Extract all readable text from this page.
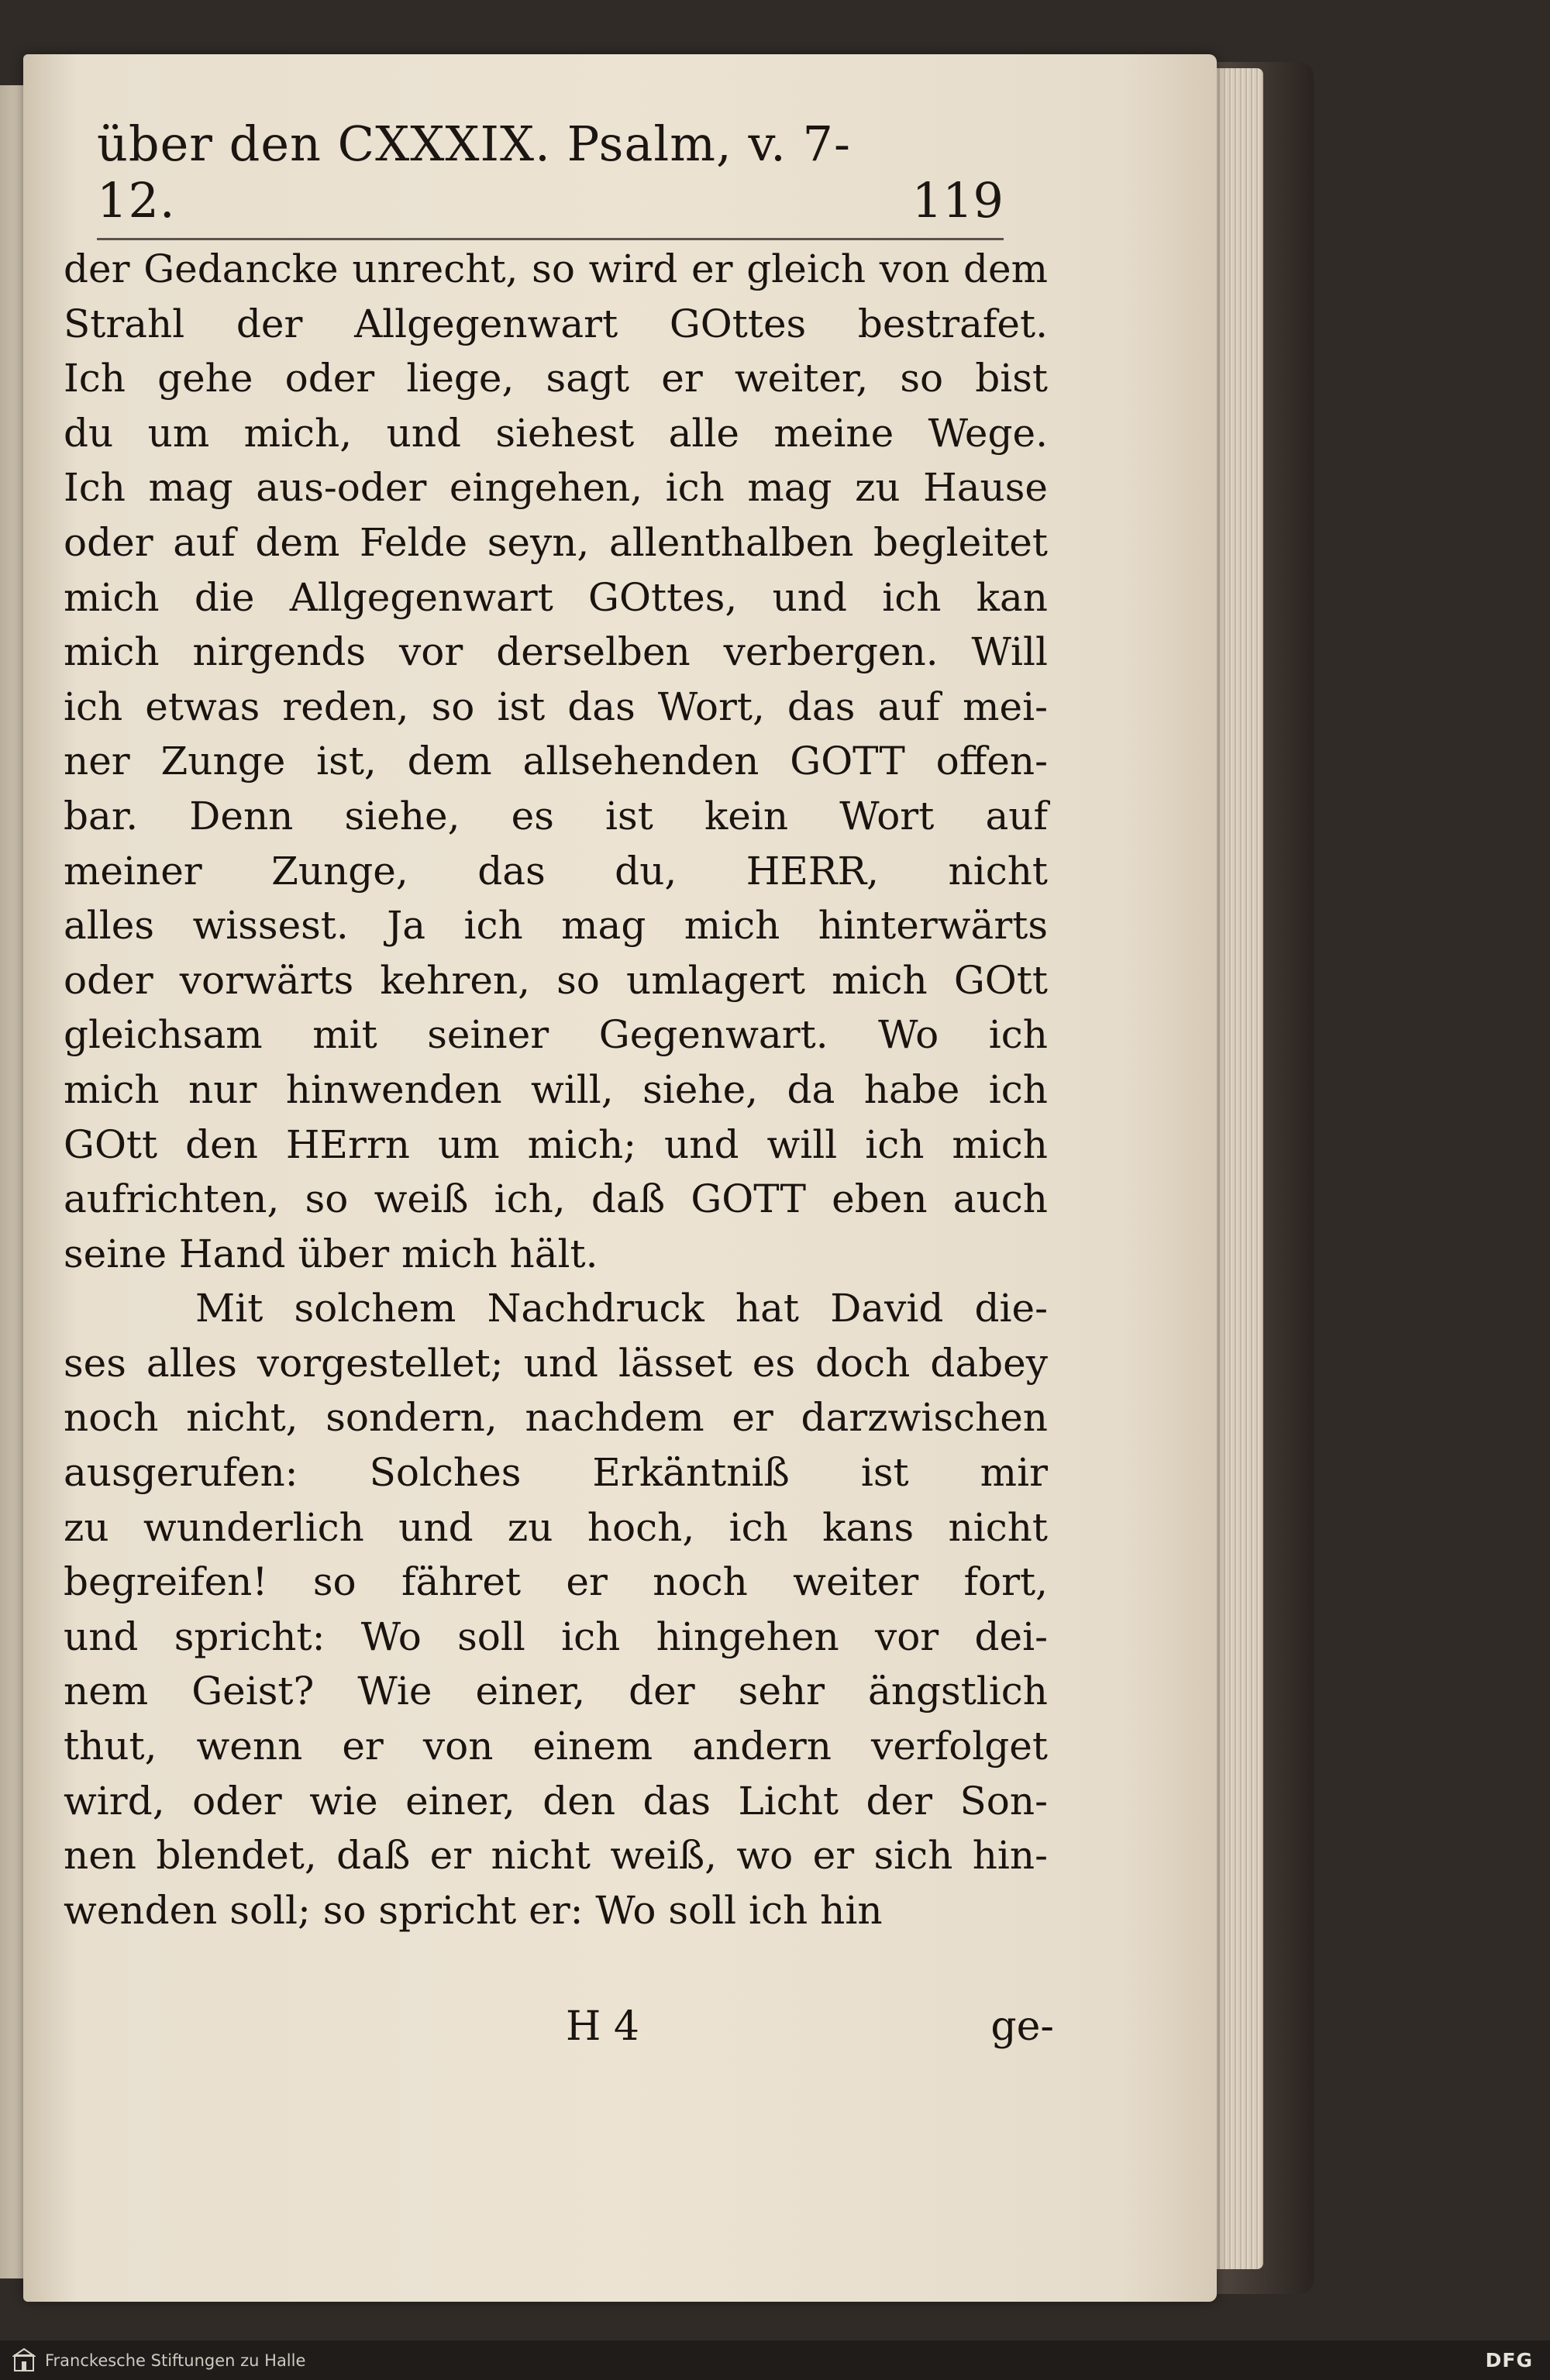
über den CXXXIX. Psalm, v. 7-12.	119
der Gedancke unrecht, so wird er gleich von dem
Strahl der Allgegenwart GOttes bestrafet.
Ich gehe oder liege, sagt er weiter, so bist
du um mich, und siehest alle meine Wege.
Ich mag aus-oder eingehen, ich mag zu Hause
oder auf dem Felde seyn, allenthalben begleitet
mich die Allgegenwart GOttes, und ich kan
mich nirgends vor derselben verbergen. Will
ich etwas reden, so ist das Wort, das auf mei-
ner Zunge ist, dem allsehenden GOTT offen-
bar. Denn siehe, es ist kein Wort auf
meiner Zunge, das du, HERR, nicht
alles wissest. Ja ich mag mich hinterwärts
oder vorwärts kehren, so umlagert mich GOtt
gleichsam mit seiner Gegenwart. Wo ich
mich nur hinwenden will, siehe, da habe ich
GOtt den HErrn um mich; und will ich mich
aufrichten, so weiß ich, daß GOTT eben auch
seine Hand über mich hält.
Mit solchem Nachdruck hat David die-
ses alles vorgestellet; und lässet es doch dabey
noch nicht, sondern, nachdem er darzwischen
ausgerufen: Solches Erkäntniß ist mir
zu wunderlich und zu hoch, ich kans nicht
begreifen! so fähret er noch weiter fort,
und spricht: Wo soll ich hingehen vor dei-
nem Geist? Wie einer, der sehr ängstlich
thut, wenn er von einem andern verfolget
wird, oder wie einer, den das Licht der Son-
nen blendet, daß er nicht weiß, wo er sich hin-
wenden soll; so spricht er: Wo soll ich hin
H 4	ge-
Franckesche Stiftungen zu Halle	DFG
